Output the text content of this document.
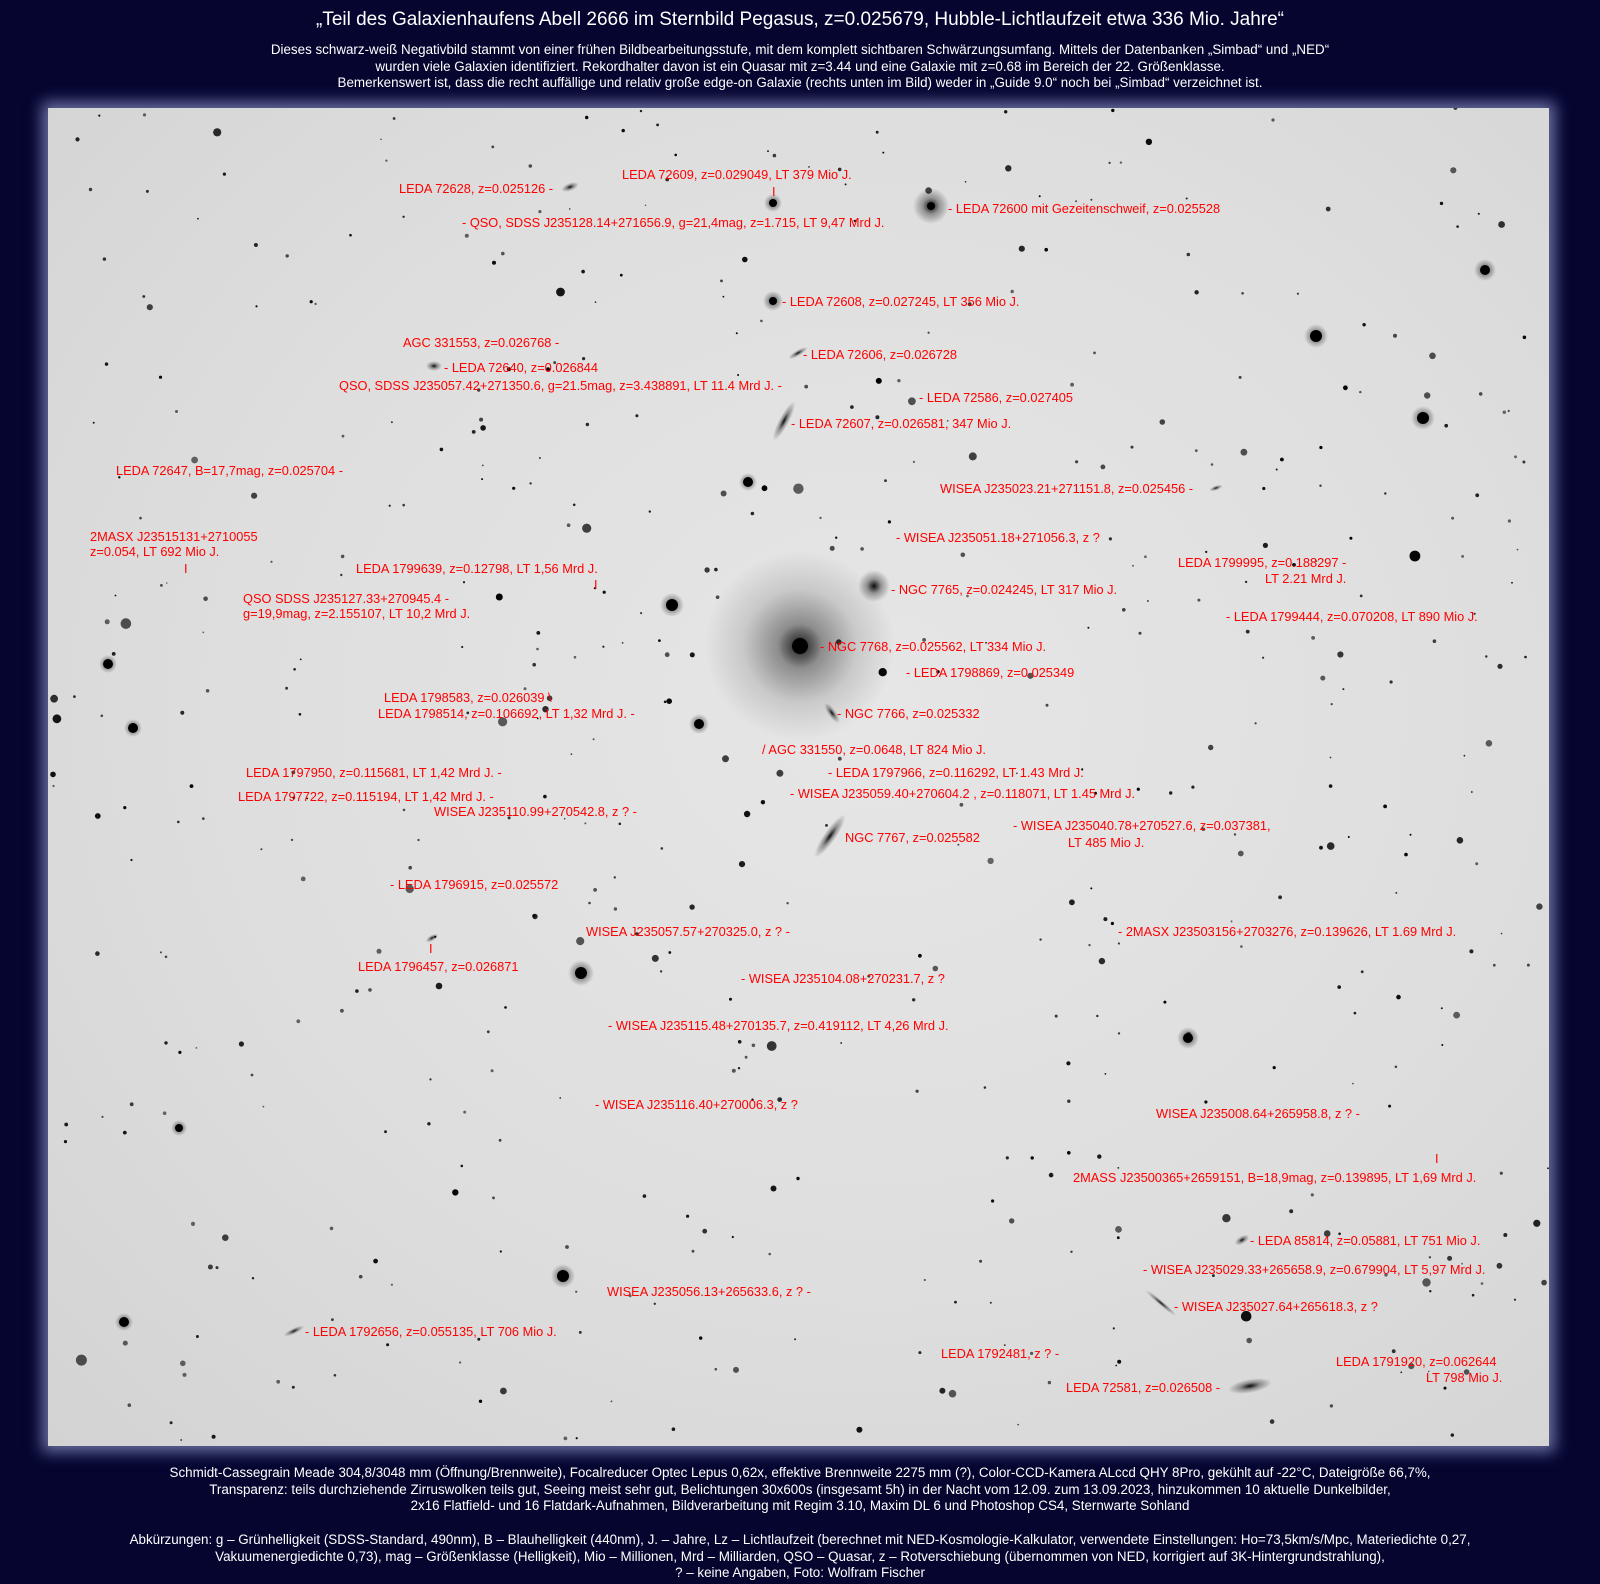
„Teil des Galaxienhaufens Abell 2666 im Sternbild Pegasus, z=0.025679, Hubble-Lichtlaufzeit etwa 336 Mio. Jahre“
Dieses schwarz-weiß Negativbild stammt von einer frühen Bildbearbeitungsstufe, mit dem komplett sichtbaren Schwärzungsumfang. Mittels der Datenbanken „Simbad“ und „NED“
wurden viele Galaxien identifiziert. Rekordhalter davon ist ein Quasar mit z=3.44 und eine Galaxie mit z=0.68 im Bereich der 22. Größenklasse.
Bemerkenswert ist, dass die recht auffällige und relativ große edge-on Galaxie (rechts unten im Bild) weder in „Guide 9.0“ noch bei „Simbad“ verzeichnet ist.
LEDA 72628, z=0.025126 -
LEDA 72609, z=0.029049, LT 379 Mio J.
I
- LEDA 72600 mit Gezeitenschweif, z=0.025528
- QSO, SDSS J235128.14+271656.9, g=21,4mag, z=1.715, LT 9,47 Mrd J.
- LEDA 72608, z=0.027245, LT 356 Mio J.
AGC 331553, z=0.026768 -
- LEDA 72606, z=0.026728
- LEDA 72640, z=0.026844
QSO, SDSS J235057.42+271350.6, g=21.5mag, z=3.438891, LT 11.4 Mrd J. -
- LEDA 72586, z=0.027405
- LEDA 72607, z=0.026581, 347 Mio J.
LEDA 72647, B=17,7mag, z=0.025704 -
WISEA J235023.21+271151.8, z=0.025456 -
2MASX J23515131+2710055
z=0.054, LT 692 Mio J.
I
- WISEA J235051.18+271056.3, z ?
LEDA 1799639, z=0.12798, LT 1,56 Mrd J.
I
LEDA 1799995, z=0.188297 -
LT 2.21 Mrd J.
QSO SDSS J235127.33+270945.4 -
g=19,9mag, z=2.155107, LT 10,2 Mrd J.
- NGC 7765, z=0.024245, LT 317 Mio J.
- LEDA 1799444, z=0.070208, LT 890 Mio J.
- NGC 7768, z=0.025562, LT 334 Mio J.
- LEDA 1798869, z=0.025349
LEDA 1798583, z=0.026039 \
LEDA 1798514, z=0.106692, LT 1,32 Mrd J. -	- NGC 7766, z=0.025332
/ AGC 331550, z=0.0648, LT 824 Mio J.
LEDA 1797950, z=0.115681, LT 1,42 Mrd J. -	- LEDA 1797966, z=0.116292, LT 1.43 Mrd J.
LEDA 1797722, z=0.115194, LT 1,42 Mrd J. -	- WISEA J235059.40+270604.2 , z=0.118071, LT 1.45 Mrd J.
WISEA J235110.99+270542.8, z ? -
- WISEA J235040.78+270527.6, z=0.037381,
LT 485 Mio J.
NGC 7767, z=0.025582
- LEDA 1796915, z=0.025572
WISEA J235057.57+270325.0, z ? -	- 2MASX J23503156+2703276, z=0.139626, LT 1.69 Mrd J.
I
LEDA 1796457, z=0.026871
- WISEA J235104.08+270231.7, z ?
- WISEA J235115.48+270135.7, z=0.419112, LT 4,26 Mrd J.
- WISEA J235116.40+270006.3, z ?
WISEA J235008.64+265958.8, z ? -
I
2MASS J23500365+2659151, B=18,9mag, z=0.139895, LT 1,69 Mrd J.
- LEDA 85814, z=0.05881, LT 751 Mio J.
- WISEA J235029.33+265658.9, z=0.679904, LT 5,97 Mrd J.
WISEA J235056.13+265633.6, z ? -
- WISEA J235027.64+265618.3, z ?
- LEDA 1792656, z=0.055135, LT 706 Mio J.
LEDA 1792481, z ? -
LEDA 1791920, z=0.062644
LT 798 Mio J.
LEDA 72581, z=0.026508 -
Schmidt-Cassegrain Meade 304,8/3048 mm (Öffnung/Brennweite), Focalreducer Optec Lepus 0,62x, effektive Brennweite 2275 mm (?), Color-CCD-Kamera ALccd QHY 8Pro, gekühlt auf -22°C, Dateigröße 66,7%,
Transparenz: teils durchziehende Zirruswolken teils gut, Seeing meist sehr gut, Belichtungen 30x600s (insgesamt 5h) in der Nacht vom 12.09. zum 13.09.2023, hinzukommen 10 aktuelle Dunkelbilder,
2x16 Flatfield- und 16 Flatdark-Aufnahmen, Bildverarbeitung mit Regim 3.10, Maxim DL 6 und Photoshop CS4, Sternwarte Sohland
Abkürzungen: g – Grünhelligkeit (SDSS-Standard, 490nm), B – Blauhelligkeit (440nm), J. – Jahre, Lz – Lichtlaufzeit (berechnet mit NED-Kosmologie-Kalkulator, verwendete Einstellungen: Ho=73,5km/s/Mpc, Materiedichte 0,27,
Vakuumenergiedichte 0,73), mag – Größenklasse (Helligkeit), Mio – Millionen, Mrd – Milliarden, QSO – Quasar, z – Rotverschiebung (übernommen von NED, korrigiert auf 3K-Hintergrundstrahlung),
? – keine Angaben, Foto: Wolfram Fischer
